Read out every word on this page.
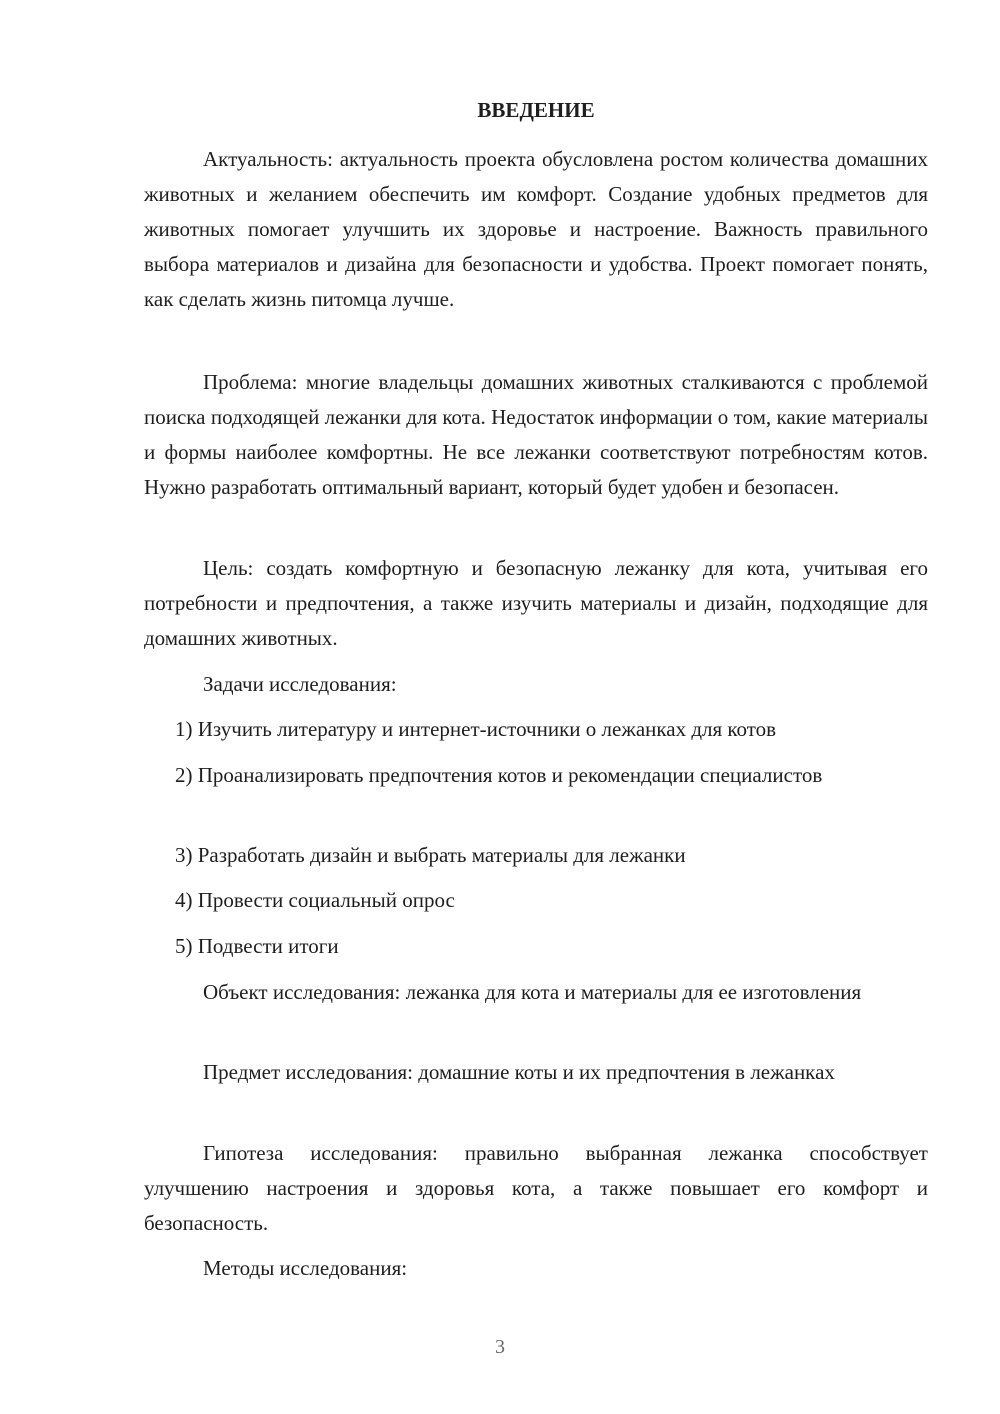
ВВЕДЕНИЕ

Актуальность: актуальность проекта обусловлена ростом количества домашних животных и желанием обеспечить им комфорт. Создание удобных предметов для животных помогает улучшить их здоровье и настроение. Важность правильного выбора материалов и дизайна для безопасности и удобства. Проект помогает понять, как сделать жизнь питомца лучше.

Проблема: многие владельцы домашних животных сталкиваются с проблемой поиска подходящей лежанки для кота. Недостаток информации о том, какие материалы и формы наиболее комфортны. Не все лежанки соответствуют потребностям котов. Нужно разработать оптимальный вариант, который будет удобен и безопасен.

Цель: создать комфортную и безопасную лежанку для кота, учитывая его потребности и предпочтения, а также изучить материалы и дизайн, подходящие для домашних животных.

Задачи исследования:

1) Изучить литературу и интернет-источники о лежанках для котов

2) Проанализировать предпочтения котов и рекомендации специалистов

3) Разработать дизайн и выбрать материалы для лежанки

4) Провести социальный опрос

5) Подвести итоги

Объект исследования: лежанка для кота и материалы для ее изготовления

Предмет исследования: домашние коты и их предпочтения в лежанках

Гипотеза исследования: правильно выбранная лежанка способствует улучшению настроения и здоровья кота, а также повышает его комфорт и безопасность.

Методы исследования:

3
